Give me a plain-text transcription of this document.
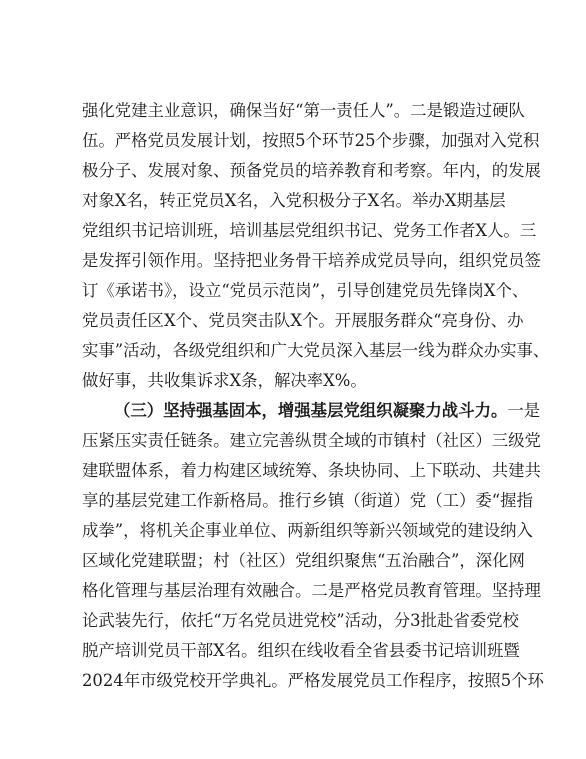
强化党建主业意识，确保当好“第一责任人”。二是锻造过硬队
伍。严格党员发展计划，按照5个环节25个步骤，加强对入党积
极分子、发展对象、预备党员的培养教育和考察。年内，的发展
对象X名，转正党员X名，入党积极分子X名。举办X期基层
党组织书记培训班，培训基层党组织书记、党务工作者X人。三
是发挥引领作用。坚持把业务骨干培养成党员导向，组织党员签
订《承诺书》，设立“党员示范岗”，引导创建党员先锋岗X个、
党员责任区X个、党员突击队X个。开展服务群众“亮身份、办
实事”活动，各级党组织和广大党员深入基层一线为群众办实事、
做好事，共收集诉求X条，解决率X%。
（三）坚持强基固本，增强基层党组织凝聚力战斗力。一是
压紧压实责任链条。建立完善纵贯全域的市镇村（社区）三级党
建联盟体系，着力构建区域统筹、条块协同、上下联动、共建共
享的基层党建工作新格局。推行乡镇（街道）党（工）委“握指
成拳”，将机关企事业单位、两新组织等新兴领域党的建设纳入
区域化党建联盟；村（社区）党组织聚焦“五治融合”，深化网
格化管理与基层治理有效融合。二是严格党员教育管理。坚持理
论武装先行，依托“万名党员进党校”活动，分3批赴省委党校
脱产培训党员干部X名。组织在线收看全省县委书记培训班暨
2024年市级党校开学典礼。严格发展党员工作程序，按照5个环
